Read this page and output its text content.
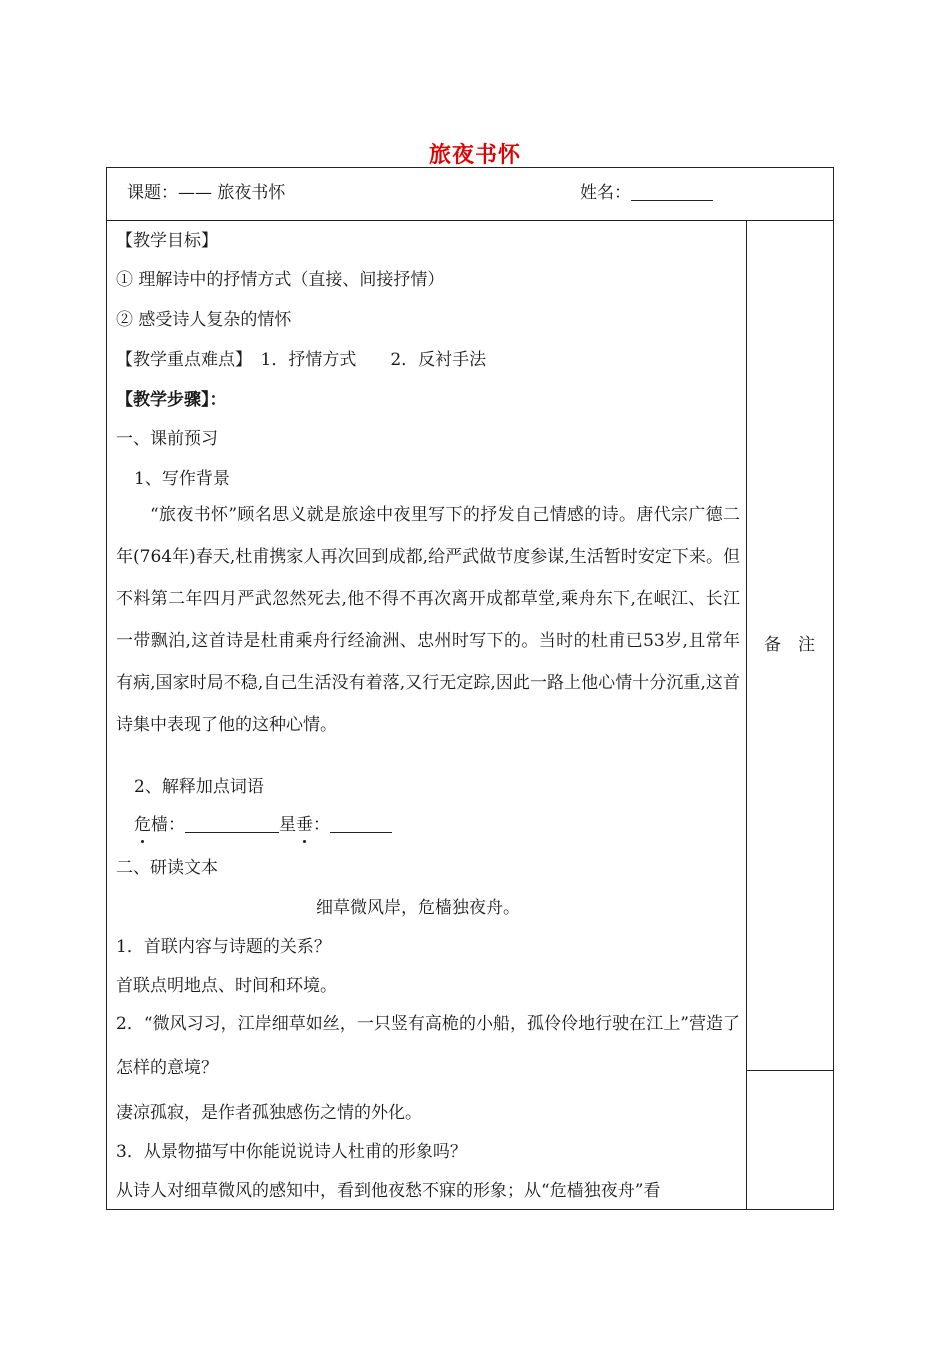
旅夜书怀
课题：—— 旅夜书怀	姓名：
备　注
【教学目标】
① 理解诗中的抒情方式（直接、间接抒情）
② 感受诗人复杂的情怀
【教学重点难点】　1．抒情方式　　2．反衬手法
【教学步骤】：
一、课前预习
1、写作背景

“旅夜书怀”顾名思义就是旅途中夜里写下的抒发自己情感的诗。唐代宗广德二年(764年)春天,杜甫携家人再次回到成都,给严武做节度参谋,生活暂时安定下来。但不料第二年四月严武忽然死去,他不得不再次离开成都草堂,乘舟东下,在岷江、长江一带飘泊,这首诗是杜甫乘舟行经渝洲、忠州时写下的。当时的杜甫已53岁,且常年有病,国家时局不稳,自己生活没有着落,又行无定踪,因此一路上他心情十分沉重,这首诗集中表现了他的这种心情。

2、解释加点词语
危樯：	星垂：
二、研读文本
细草微风岸，危樯独夜舟。
1．首联内容与诗题的关系？
首联点明地点、时间和环境。

2．“微风习习，江岸细草如丝，一只竖有高桅的小船，孤伶伶地行驶在江上”营造了怎样的意境？

凄凉孤寂，是作者孤独感伤之情的外化。
3．从景物描写中你能说说诗人杜甫的形象吗？
从诗人对细草微风的感知中，看到他夜愁不寐的形象；从“危樯独夜舟”看
